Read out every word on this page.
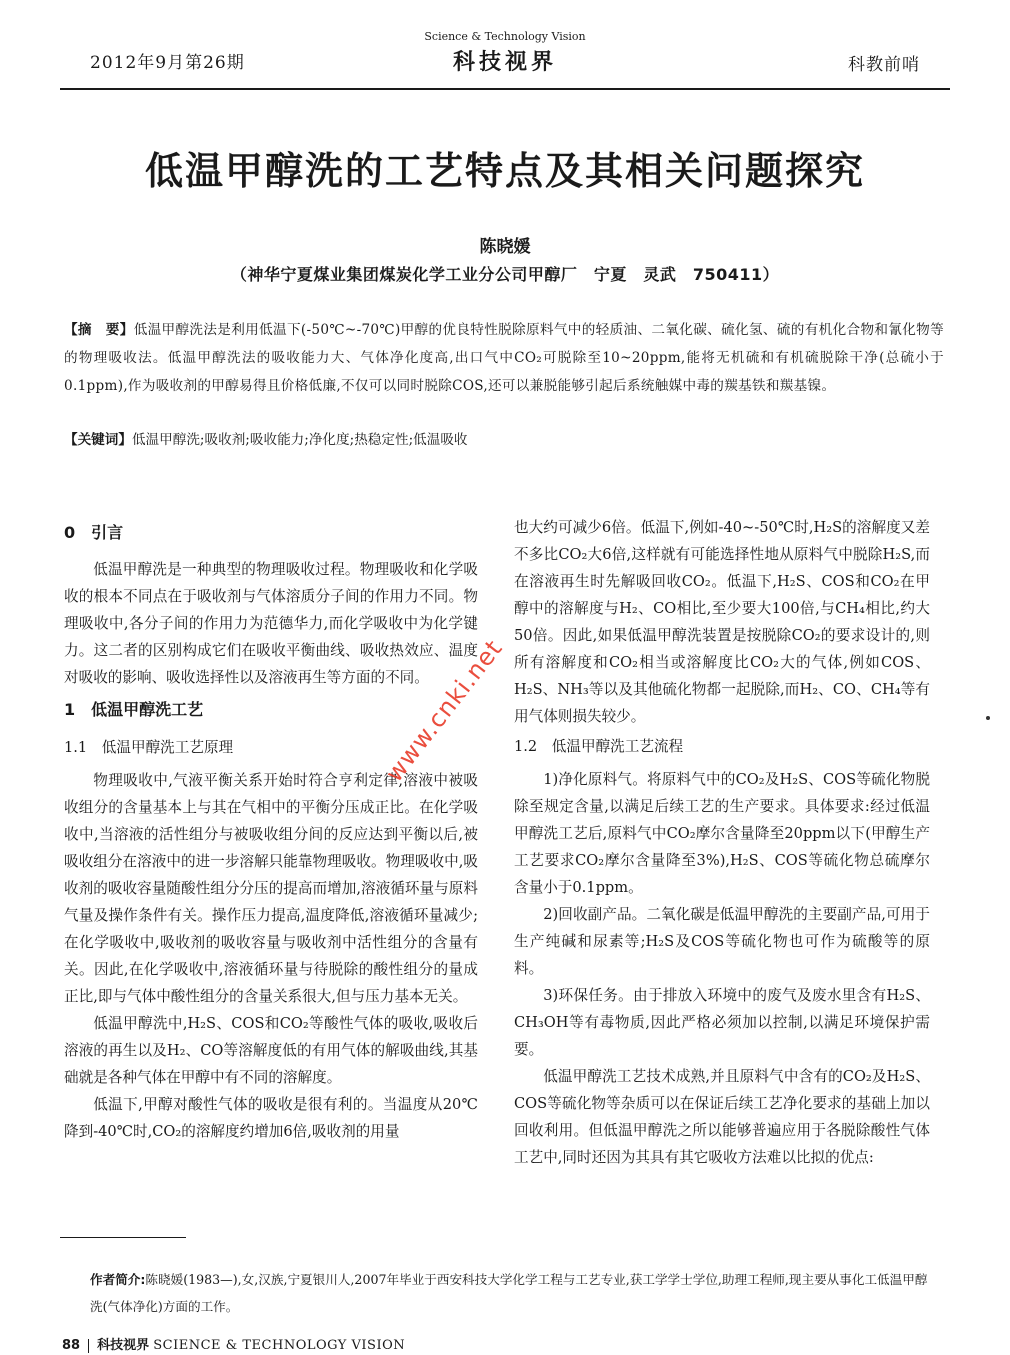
2012年9月第26期
Science & Technology Vision
科技视界	科教前哨
低温甲醇洗的工艺特点及其相关问题探究
陈晓媛
（神华宁夏煤业集团煤炭化学工业分公司甲醇厂　宁夏　灵武　750411）
【摘　要】低温甲醇洗法是利用低温下(-50℃~-70℃)甲醇的优良特性脱除原料气中的轻质油、二氧化碳、硫化氢、硫的有机化合物和氰化物等的物理吸收法。低温甲醇洗法的吸收能力大、气体净化度高,出口气中CO₂可脱除至10~20ppm,能将无机硫和有机硫脱除干净(总硫小于0.1ppm),作为吸收剂的甲醇易得且价格低廉,不仅可以同时脱除COS,还可以兼脱能够引起后系统触媒中毒的羰基铁和羰基镍。
【关键词】低温甲醇洗;吸收剂;吸收能力;净化度;热稳定性;低温吸收
0　引言

低温甲醇洗是一种典型的物理吸收过程。物理吸收和化学吸收的根本不同点在于吸收剂与气体溶质分子间的作用力不同。物理吸收中,各分子间的作用力为范德华力,而化学吸收中为化学键力。这二者的区别构成它们在吸收平衡曲线、吸收热效应、温度对吸收的影响、吸收选择性以及溶液再生等方面的不同。

1　低温甲醇洗工艺
1.1　低温甲醇洗工艺原理

物理吸收中,气液平衡关系开始时符合亨利定律,溶液中被吸收组分的含量基本上与其在气相中的平衡分压成正比。在化学吸收中,当溶液的活性组分与被吸收组分间的反应达到平衡以后,被吸收组分在溶液中的进一步溶解只能靠物理吸收。物理吸收中,吸收剂的吸收容量随酸性组分分压的提高而增加,溶液循环量与原料气量及操作条件有关。操作压力提高,温度降低,溶液循环量减少;在化学吸收中,吸收剂的吸收容量与吸收剂中活性组分的含量有关。因此,在化学吸收中,溶液循环量与待脱除的酸性组分的量成正比,即与气体中酸性组分的含量关系很大,但与压力基本无关。

低温甲醇洗中,H₂S、COS和CO₂等酸性气体的吸收,吸收后溶液的再生以及H₂、CO等溶解度低的有用气体的解吸曲线,其基础就是各种气体在甲醇中有不同的溶解度。

低温下,甲醇对酸性气体的吸收是很有利的。当温度从20℃降到-40℃时,CO₂的溶解度约增加6倍,吸收剂的用量

也大约可减少6倍。低温下,例如-40~-50℃时,H₂S的溶解度又差不多比CO₂大6倍,这样就有可能选择性地从原料气中脱除H₂S,而在溶液再生时先解吸回收CO₂。低温下,H₂S、COS和CO₂在甲醇中的溶解度与H₂、CO相比,至少要大100倍,与CH₄相比,约大50倍。因此,如果低温甲醇洗装置是按脱除CO₂的要求设计的,则所有溶解度和CO₂相当或溶解度比CO₂大的气体,例如COS、H₂S、NH₃等以及其他硫化物都一起脱除,而H₂、CO、CH₄等有用气体则损失较少。

1.2　低温甲醇洗工艺流程

1)净化原料气。将原料气中的CO₂及H₂S、COS等硫化物脱除至规定含量,以满足后续工艺的生产要求。具体要求:经过低温甲醇洗工艺后,原料气中CO₂摩尔含量降至20ppm以下(甲醇生产工艺要求CO₂摩尔含量降至3%),H₂S、COS等硫化物总硫摩尔含量小于0.1ppm。

2)回收副产品。二氧化碳是低温甲醇洗的主要副产品,可用于生产纯碱和尿素等;H₂S及COS等硫化物也可作为硫酸等的原料。

3)环保任务。由于排放入环境中的废气及废水里含有H₂S、CH₃OH等有毒物质,因此严格必须加以控制,以满足环境保护需要。

低温甲醇洗工艺技术成熟,并且原料气中含有的CO₂及H₂S、COS等硫化物等杂质可以在保证后续工艺净化要求的基础上加以回收利用。但低温甲醇洗之所以能够普遍应用于各脱除酸性气体工艺中,同时还因为其具有其它吸收方法难以比拟的优点:

www.cnki.net
作者简介:陈晓媛(1983—),女,汉族,宁夏银川人,2007年毕业于西安科技大学化学工程与工艺专业,获工学学士学位,助理工程师,现主要从事化工低温甲醇洗(气体净化)方面的工作。
88 科技视界 SCIENCE & TECHNOLOGY VISION
